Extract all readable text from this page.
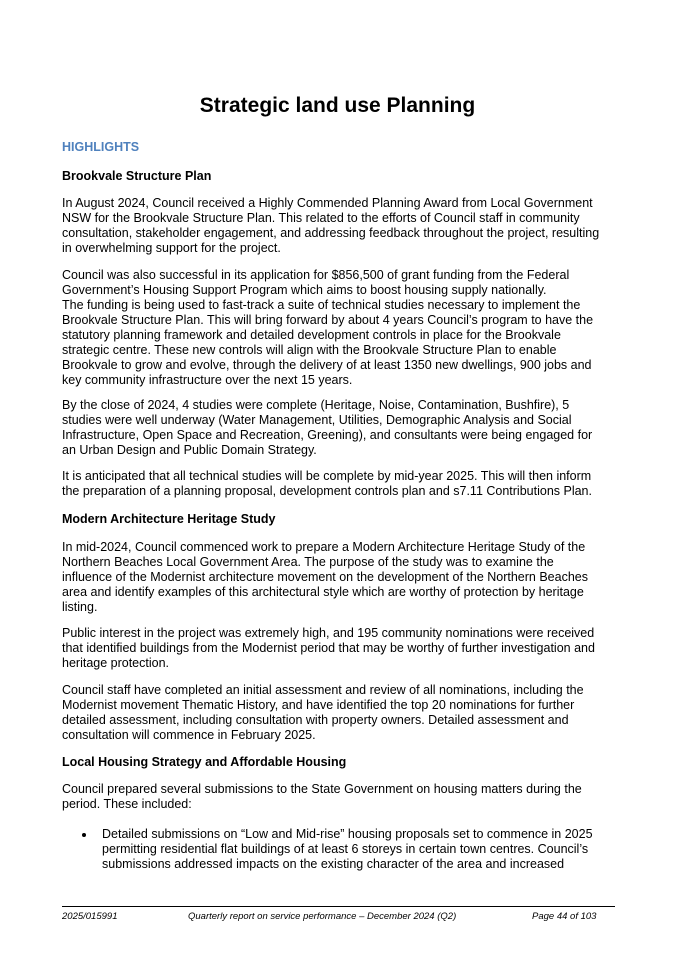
Strategic land use Planning

HIGHLIGHTS

Brookvale Structure Plan

In August 2024, Council received a Highly Commended Planning Award from Local Government
NSW for the Brookvale Structure Plan. This related to the efforts of Council staff in community
consultation, stakeholder engagement, and addressing feedback throughout the project, resulting
in overwhelming support for the project.
Council was also successful in its application for $856,500 of grant funding from the Federal
Government’s Housing Support Program which aims to boost housing supply nationally.
The funding is being used to fast-track a suite of technical studies necessary to implement the
Brookvale Structure Plan. This will bring forward by about 4 years Council’s program to have the
statutory planning framework and detailed development controls in place for the Brookvale
strategic centre. These new controls will align with the Brookvale Structure Plan to enable
Brookvale to grow and evolve, through the delivery of at least 1350 new dwellings, 900 jobs and
key community infrastructure over the next 15 years.
By the close of 2024, 4 studies were complete (Heritage, Noise, Contamination, Bushfire), 5
studies were well underway (Water Management, Utilities, Demographic Analysis and Social
Infrastructure, Open Space and Recreation, Greening), and consultants were being engaged for
an Urban Design and Public Domain Strategy.
It is anticipated that all technical studies will be complete by mid-year 2025. This will then inform
the preparation of a planning proposal, development controls plan and s7.11 Contributions Plan.

Modern Architecture Heritage Study

In mid-2024, Council commenced work to prepare a Modern Architecture Heritage Study of the
Northern Beaches Local Government Area. The purpose of the study was to examine the
influence of the Modernist architecture movement on the development of the Northern Beaches
area and identify examples of this architectural style which are worthy of protection by heritage
listing.
Public interest in the project was extremely high, and 195 community nominations were received
that identified buildings from the Modernist period that may be worthy of further investigation and
heritage protection.
Council staff have completed an initial assessment and review of all nominations, including the
Modernist movement Thematic History, and have identified the top 20 nominations for further
detailed assessment, including consultation with property owners. Detailed assessment and
consultation will commence in February 2025.

Local Housing Strategy and Affordable Housing

Council prepared several submissions to the State Government on housing matters during the
period. These included:
Detailed submissions on “Low and Mid-rise” housing proposals set to commence in 2025
permitting residential flat buildings of at least 6 storeys in certain town centres. Council’s
submissions addressed impacts on the existing character of the area and increased

2025/015991	Quarterly report on service performance – December 2024 (Q2)	Page 44 of 103
